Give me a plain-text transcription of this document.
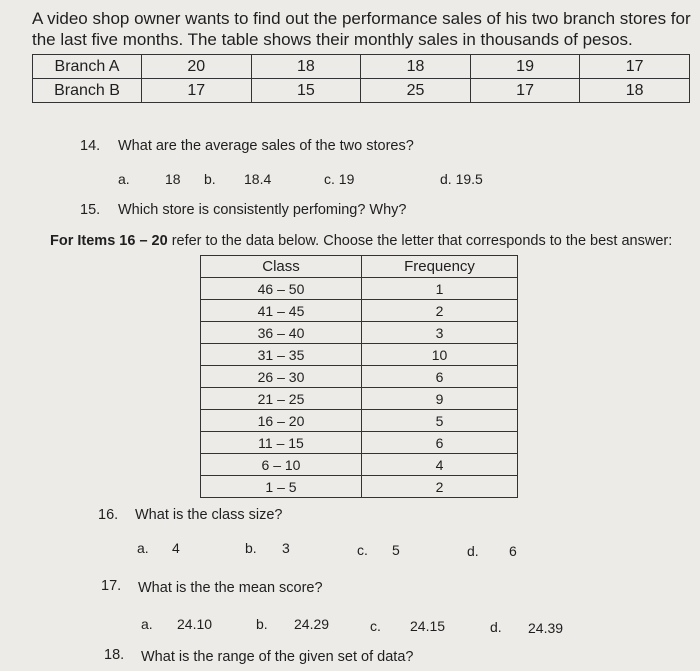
A video shop owner wants to find out the performance sales of his two branch stores for
the last five months. The table shows their monthly sales in thousands of pesos.
Branch A	20	18	18	19	17
Branch B	17	15	25	17	18
14. What are the average sales of the two stores?
a.	18 b. 18.4	c. 19	d. 19.5
15. Which store is consistently perfoming? Why?
For Items 16 – 20 refer to the data below. Choose the letter that corresponds to the best answer:
Class	Frequency
46 – 50	1
41 – 45	2
36 – 40	3
31 – 35	10
26 – 30	6
21 – 25	9
16 – 20	5
11 – 15	6
6 – 10	4
1 – 5	2
16. What is the class size?
a. 4	b. 3	c. 5	d. 6
17. What is the the mean score?
a. 24.10	b. 24.29	c. 24.15	d. 24.39
18. What is the range of the given set of data?
